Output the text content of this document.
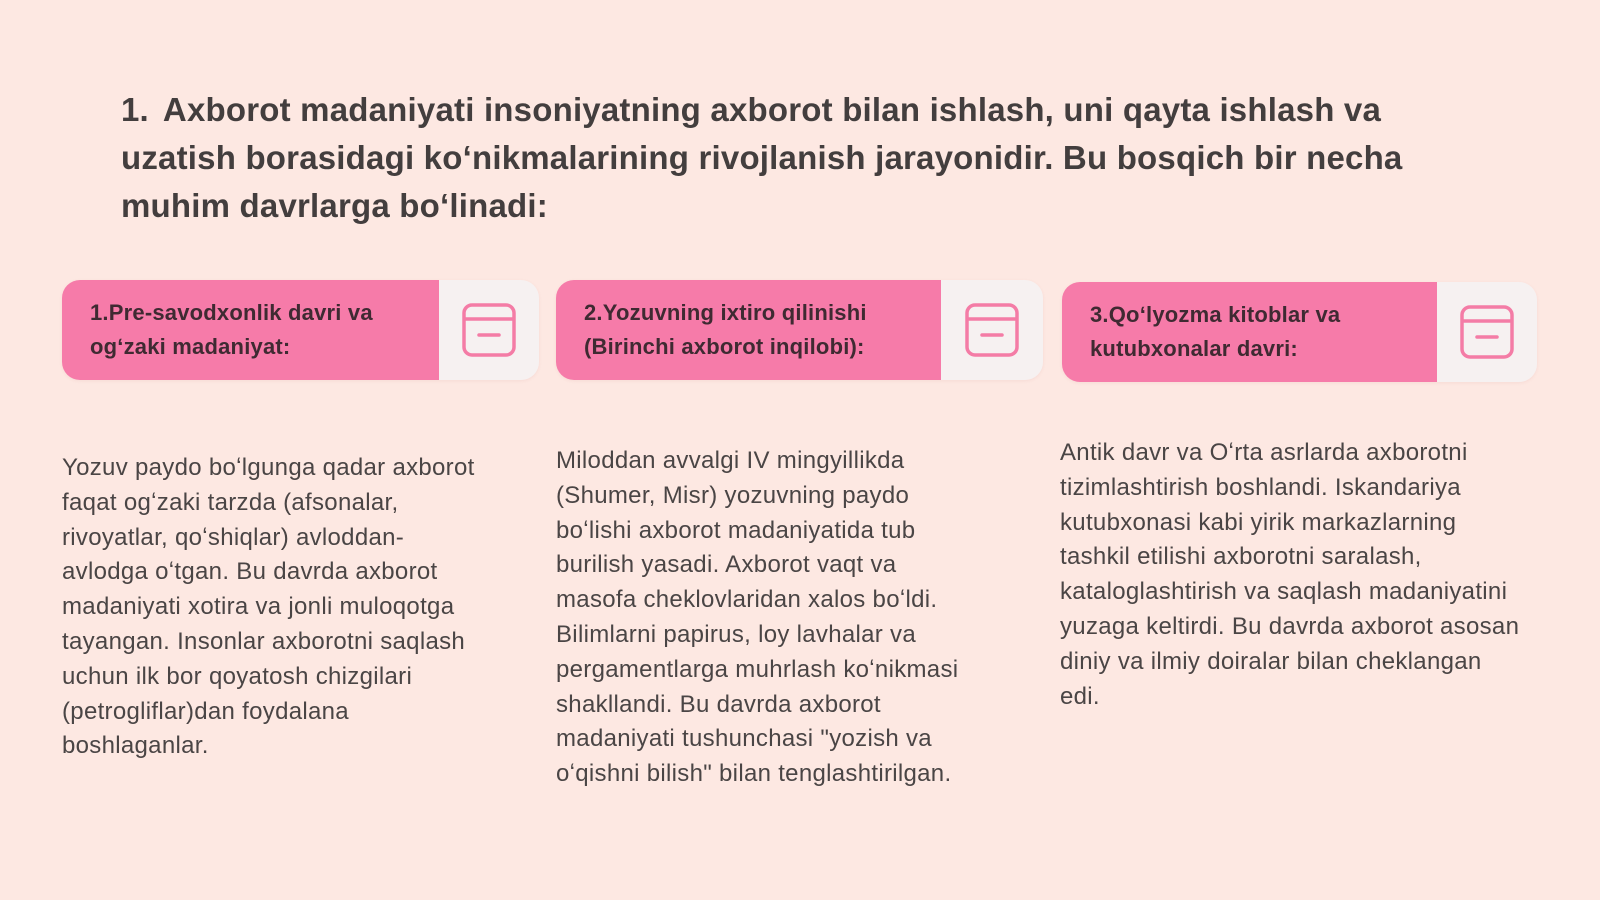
1. Axborot madaniyati insoniyatning axborot bilan ishlash, uni qayta ishlash va uzatish borasidagi koʻnikmalarining rivojlanish jarayonidir. Bu bosqich bir necha muhim davrlarga boʻlinadi:

1.Pre-savodxonlik davri va
ogʻzaki madaniyat:
2.Yozuvning ixtiro qilinishi
(Birinchi axborot inqilobi):
3.Qoʻlyozma kitoblar va
kutubxonalar davri:

Yozuv paydo boʻlgunga qadar axborot faqat ogʻzaki tarzda (afsonalar, rivoyatlar, qoʻshiqlar) avloddan-avlodga oʻtgan. Bu davrda axborot madaniyati xotira va jonli muloqotga tayangan. Insonlar axborotni saqlash uchun ilk bor qoyatosh chizgilari (petrogliflar)dan foydalana boshlaganlar.

Miloddan avvalgi IV mingyillikda (Shumer, Misr) yozuvning paydo boʻlishi axborot madaniyatida tub burilish yasadi. Axborot vaqt va masofa cheklovlaridan xalos boʻldi. Bilimlarni papirus, loy lavhalar va pergamentlarga muhrlash koʻnikmasi shakllandi. Bu davrda axborot madaniyati tushunchasi "yozish va oʻqishni bilish" bilan tenglashtirilgan.

Antik davr va Oʻrta asrlarda axborotni tizimlashtirish boshlandi. Iskandariya kutubxonasi kabi yirik markazlarning tashkil etilishi axborotni saralash, kataloglashtirish va saqlash madaniyatini yuzaga keltirdi. Bu davrda axborot asosan diniy va ilmiy doiralar bilan cheklangan edi.
